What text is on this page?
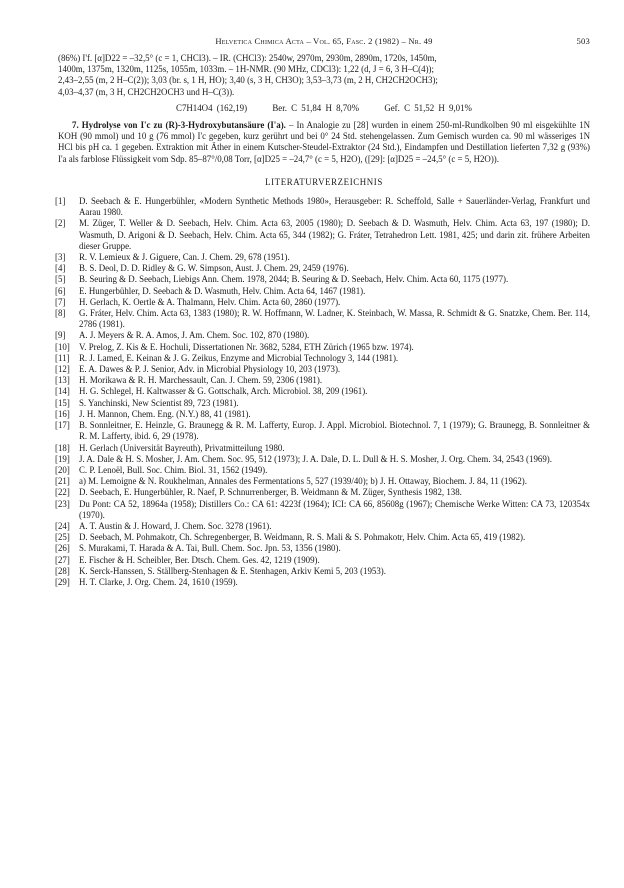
Helvetica Chimica Acta – Vol. 65, Fasc. 2 (1982) – Nr. 49	503
(86%) I'f. [α]D22 = –32,5° (c = 1, CHCl3). – IR. (CHCl3): 2540w, 2970m, 2930m, 2890m, 1720s, 1450m,
1400m, 1375m, 1320m, 1125s, 1055m, 1033m. – 1H-NMR. (90 MHz, CDCl3): 1,22 (d, J = 6, 3 H–C(4));
2,43–2,55 (m, 2 H–C(2)); 3,03 (br. s, 1 H, HO); 3,40 (s, 3 H, CH3O); 3,53–3,73 (m, 2 H, CH2CH2OCH3);
4,03–4,37 (m, 3 H, CH2CH2OCH3 und H–C(3)).
C7H14O4 (162,19)	Ber. C 51,84 H 8,70%	Gef. C 51,52 H 9,01%

7. Hydrolyse von I'c zu (R)-3-Hydroxybutansäure (I'a). – In Analogie zu [28] wurden in einem 250-ml-Rundkolben 90 ml eisgekühlte 1N KOH (90 mmol) und 10 g (76 mmol) I'c gegeben, kurz gerührt und bei 0° 24 Std. stehengelassen. Zum Gemisch wurden ca. 90 ml wässeriges 1N HCl bis pH ca. 1 gegeben. Extraktion mit Äther in einem Kutscher-Steudel-Extraktor (24 Std.), Eindampfen und Destillation lieferten 7,32 g (93%) I'a als farblose Flüssigkeit vom Sdp. 85–87°/0,08 Torr, [α]D25 = –24,7° (c = 5, H2O), ([29]: [α]D25 = –24,5° (c = 5, H2O)).

LITERATURVERZEICHNIS
[1]	D. Seebach & E. Hungerbühler, «Modern Synthetic Methods 1980», Herausgeber: R. Scheffold, Salle + Sauerländer-Verlag, Frankfurt und Aarau 1980.
[2]	M. Züger, T. Weller & D. Seebach, Helv. Chim. Acta 63, 2005 (1980); D. Seebach & D. Wasmuth, Helv. Chim. Acta 63, 197 (1980); D. Wasmuth, D. Arigoni & D. Seebach, Helv. Chim. Acta 65, 344 (1982); G. Fráter, Tetrahedron Lett. 1981, 425; und darin zit. frühere Arbeiten dieser Gruppe.
[3]	R. V. Lemieux & J. Giguere, Can. J. Chem. 29, 678 (1951).
[4]	B. S. Deol, D. D. Ridley & G. W. Simpson, Aust. J. Chem. 29, 2459 (1976).
[5]	B. Seuring & D. Seebach, Liebigs Ann. Chem. 1978, 2044; B. Seuring & D. Seebach, Helv. Chim. Acta 60, 1175 (1977).
[6]	E. Hungerbühler, D. Seebach & D. Wasmuth, Helv. Chim. Acta 64, 1467 (1981).
[7]	H. Gerlach, K. Oertle & A. Thalmann, Helv. Chim. Acta 60, 2860 (1977).
[8]	G. Fráter, Helv. Chim. Acta 63, 1383 (1980); R. W. Hoffmann, W. Ladner, K. Steinbach, W. Massa, R. Schmidt & G. Snatzke, Chem. Ber. 114, 2786 (1981).
[9]	A. J. Meyers & R. A. Amos, J. Am. Chem. Soc. 102, 870 (1980).
[10]	V. Prelog, Z. Kis & E. Hochuli, Dissertationen Nr. 3682, 5284, ETH Zürich (1965 bzw. 1974).
[11]	R. J. Lamed, E. Keinan & J. G. Zeikus, Enzyme and Microbial Technology 3, 144 (1981).
[12]	E. A. Dawes & P. J. Senior, Adv. in Microbial Physiology 10, 203 (1973).
[13]	H. Morikawa & R. H. Marchessault, Can. J. Chem. 59, 2306 (1981).
[14]	H. G. Schlegel, H. Kaltwasser & G. Gottschalk, Arch. Microbiol. 38, 209 (1961).
[15]	S. Yanchinski, New Scientist 89, 723 (1981).
[16]	J. H. Mannon, Chem. Eng. (N.Y.) 88, 41 (1981).
[17]	B. Sonnleitner, E. Heinzle, G. Braunegg & R. M. Lafferty, Europ. J. Appl. Microbiol. Biotechnol. 7, 1 (1979); G. Braunegg, B. Sonnleitner & R. M. Lafferty, ibid. 6, 29 (1978).
[18]	H. Gerlach (Universität Bayreuth), Privatmitteilung 1980.
[19]	J. A. Dale & H. S. Mosher, J. Am. Chem. Soc. 95, 512 (1973); J. A. Dale, D. L. Dull & H. S. Mosher, J. Org. Chem. 34, 2543 (1969).
[20]	C. P. Lenoël, Bull. Soc. Chim. Biol. 31, 1562 (1949).
[21]	a) M. Lemoigne & N. Roukhelman, Annales des Fermentations 5, 527 (1939/40); b) J. H. Ottaway, Biochem. J. 84, 11 (1962).
[22]	D. Seebach, E. Hungerbühler, R. Naef, P. Schnurrenberger, B. Weidmann & M. Züger, Synthesis 1982, 138.
[23]	Du Pont: CA 52, 18964a (1958); Distillers Co.: CA 61: 4223f (1964); ICI: CA 66, 85608g (1967); Chemische Werke Witten: CA 73, 120354x (1970).
[24]	A. T. Austin & J. Howard, J. Chem. Soc. 3278 (1961).
[25]	D. Seebach, M. Pohmakotr, Ch. Schregenberger, B. Weidmann, R. S. Mali & S. Pohmakotr, Helv. Chim. Acta 65, 419 (1982).
[26]	S. Murakami, T. Harada & A. Tai, Bull. Chem. Soc. Jpn. 53, 1356 (1980).
[27]	E. Fischer & H. Scheibler, Ber. Dtsch. Chem. Ges. 42, 1219 (1909).
[28]	K. Serck-Hanssen, S. Ställberg-Stenhagen & E. Stenhagen, Arkiv Kemi 5, 203 (1953).
[29]	H. T. Clarke, J. Org. Chem. 24, 1610 (1959).
